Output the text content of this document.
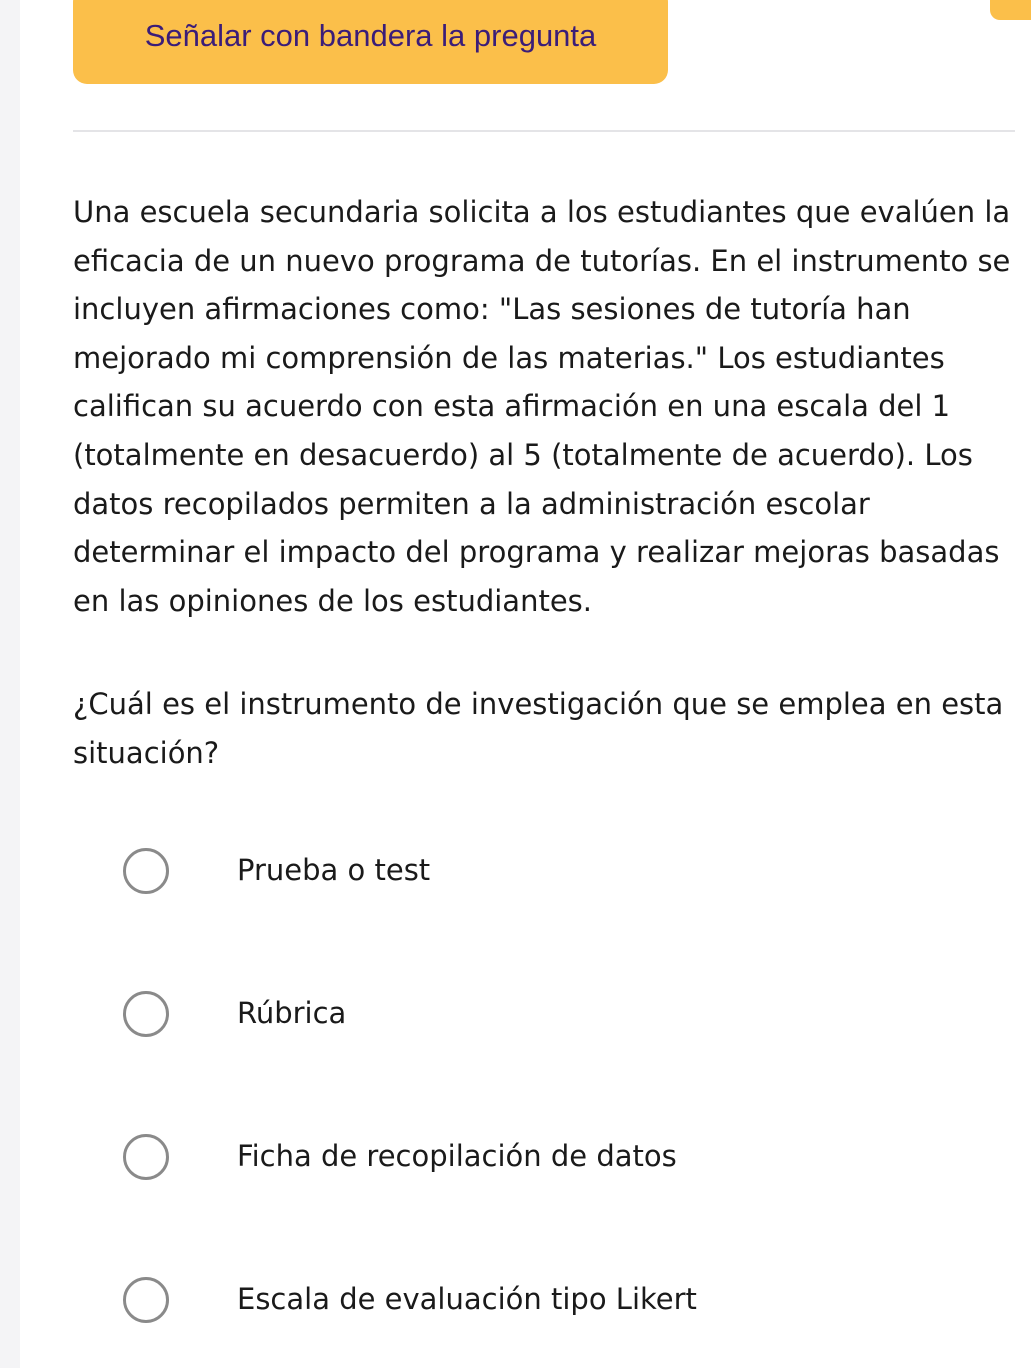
Señalar con bandera la pregunta

Una escuela secundaria solicita a los estudiantes que evalúen la eficacia de un nuevo programa de tutorías. En el instrumento se incluyen afirmaciones como: "Las sesiones de tutoría han mejorado mi comprensión de las materias." Los estudiantes califican su acuerdo con esta afirmación en una escala del 1 (totalmente en desacuerdo) al 5 (totalmente de acuerdo). Los datos recopilados permiten a la administración escolar determinar el impacto del programa y realizar mejoras basadas en las opiniones de los estudiantes.

¿Cuál es el instrumento de investigación que se emplea en esta situación?

Prueba o test
Rúbrica
Ficha de recopilación de datos
Escala de evaluación tipo Likert
